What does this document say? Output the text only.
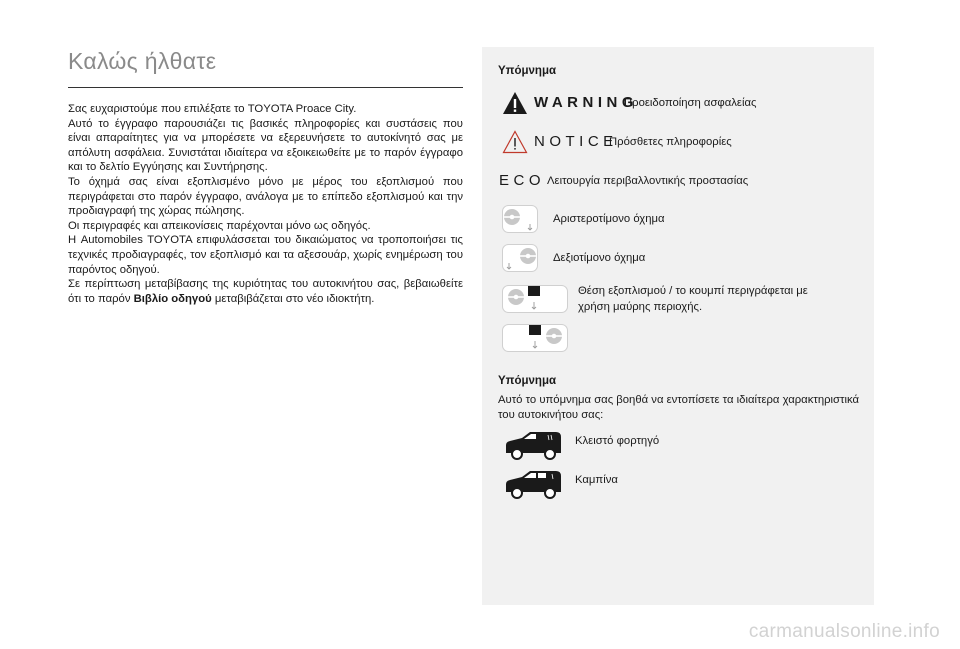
Καλώς ήλθατε

Σας ευχαριστούμε που επιλέξατε το TOYOTA Proace City.

Αυτό το έγγραφο παρουσιάζει τις βασικές πληροφορίες και συστάσεις που είναι απαραίτητες για να μπορέσετε να εξερευνήσετε το αυτοκίνητό σας με απόλυτη ασφάλεια. Συνιστάται ιδιαίτερα να εξοικειωθείτε με το παρόν έγγραφο και το δελτίο Εγγύησης και Συντήρησης.

Το όχημά σας είναι εξοπλισμένο μόνο με μέρος του εξοπλισμού που περιγράφεται στο παρόν έγγραφο, ανάλογα με το επίπεδο εξοπλισμού και την προδιαγραφή της χώρας πώλησης.

Οι περιγραφές και απεικονίσεις παρέχονται μόνο ως οδηγός.

Η Automobiles TOYOTA επιφυλάσσεται του δικαιώματος να τροποποιήσει τις τεχνικές προδιαγραφές, τον εξοπλισμό και τα αξεσουάρ, χωρίς ενημέρωση του παρόντος οδηγού.

Σε περίπτωση μεταβίβασης της κυριότητας του αυτοκινήτου σας, βεβαιωθείτε ότι το παρόν Βιβλίο οδηγού μεταβιβάζεται στο νέο ιδιοκτήτη.

Υπόμνημα
WARNING
Προειδοποίηση ασφαλείας
NOTICE
Πρόσθετες πληροφορίες
ECO Λειτουργία περιβαλλοντικής προστασίας
Αριστεροτίμονο όχημα
Δεξιοτίμονο όχημα
Θέση εξοπλισμού / το κουμπί περιγράφεται με
χρήση μαύρης περιοχής.
Υπόμνημα
Αυτό το υπόμνημα σας βοηθά να εντοπίσετε τα ιδιαίτερα χαρακτηριστικά του αυτοκινήτου σας:
Κλειστό φορτηγό
Καμπίνα
carmanualsonline.info
